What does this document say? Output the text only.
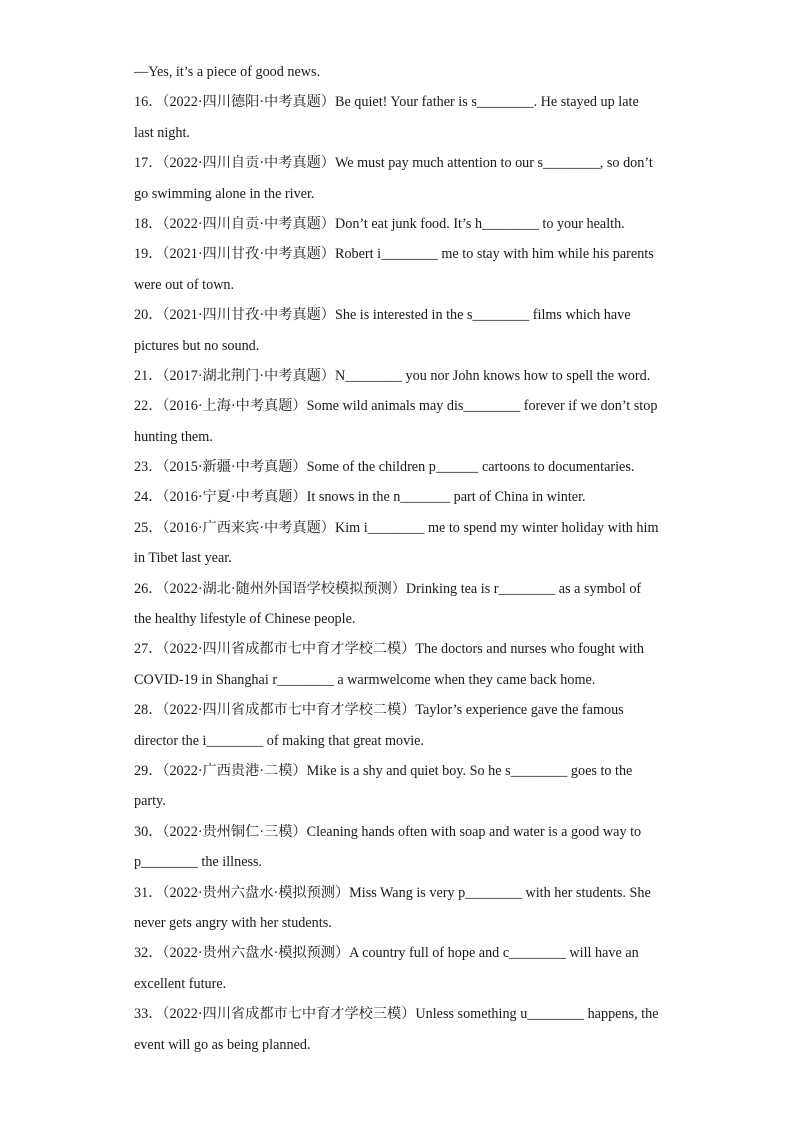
—Yes, it’s a piece of good news.
16．（2022·四川德阳·中考真题）Be quiet! Your father is s________. He stayed up late
last night.
17．（2022·四川自贡·中考真题）We must pay much attention to our s________, so don’t
go swimming alone in the river.
18．（2022·四川自贡·中考真题）Don’t eat junk food. It’s h________ to your health.
19．（2021·四川甘孜·中考真题）Robert i________ me to stay with him while his parents
were out of town.
20．（2021·四川甘孜·中考真题）She is interested in the s________ films which have
pictures but no sound.
21．（2017·湖北荆门·中考真题）N________ you nor John knows how to spell the word.
22．（2016·上海·中考真题）Some wild animals may dis________ forever if we don’t stop
hunting them.
23．（2015·新疆·中考真题）Some of the children p______ cartoons to documentaries.
24．（2016·宁夏·中考真题）It snows in the n_______ part of China in winter.
25．（2016·广西来宾·中考真题）Kim i________ me to spend my winter holiday with him
in Tibet last year.
26．（2022·湖北·随州外国语学校模拟预测）Drinking tea is r________ as a symbol of
the healthy lifestyle of Chinese people.
27．（2022·四川省成都市七中育才学校二模）The doctors and nurses who fought with
COVID-19 in Shanghai r________ a warmwelcome when they came back home.
28．（2022·四川省成都市七中育才学校二模）Taylor’s experience gave the famous
director the i________ of making that great movie.
29．（2022·广西贵港·二模）Mike is a shy and quiet boy. So he s________ goes to the
party.
30．（2022·贵州铜仁·三模）Cleaning hands often with soap and water is a good way to
p________ the illness.
31．（2022·贵州六盘水·模拟预测）Miss Wang is very p________ with her students. She
never gets angry with her students.
32．（2022·贵州六盘水·模拟预测）A country full of hope and c________ will have an
excellent future.
33．（2022·四川省成都市七中育才学校三模）Unless something u________ happens, the
event will go as being planned.
